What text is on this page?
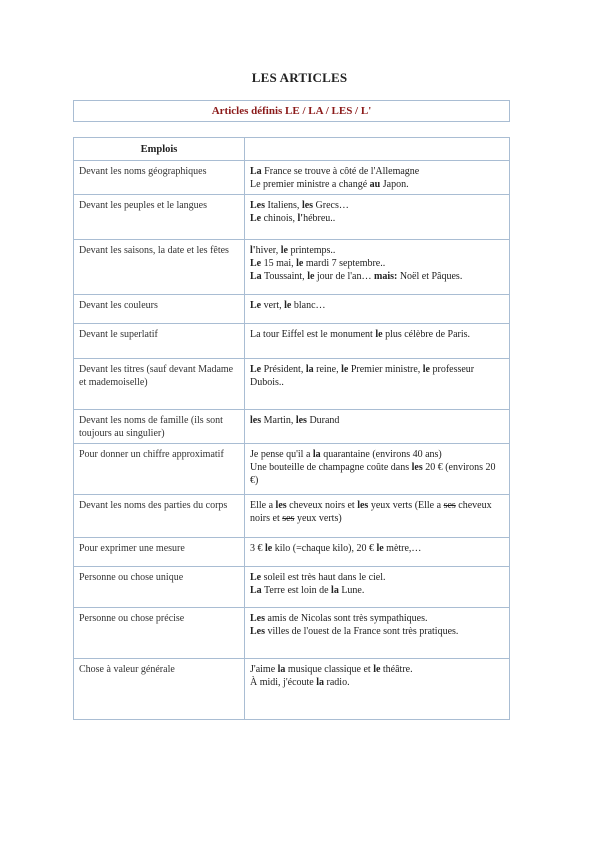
LES ARTICLES
Articles définis LE / LA / LES / L'
Emplois	
Devant les noms géographiques	La France se trouve à côté de l'Allemagne
Le premier ministre a changé au Japon.

Devant les peuples et le langues	Les Italiens, les Grecs…
Le chinois, l'hébreu..

Devant les saisons, la date et les fêtes	l'hiver, le printemps..
Le 15 mai, le mardi 7 septembre..
La Toussaint, le jour de l'an… mais: Noël et Pâques.

Devant les couleurs	Le vert, le blanc…

Devant le superlatif	La tour Eiffel est le monument le plus célèbre de Paris.

Devant les titres (sauf devant Madame et mademoiselle)	Le Président, la reine, le Premier ministre, le professeur Dubois..

Devant les noms de famille (ils sont toujours au singulier)	les Martin, les Durand

Pour donner un chiffre approximatif	Je pense qu'il a la quarantaine (environs 40 ans)
Une bouteille de champagne coûte dans les 20 € (environs 20 €)

Devant les noms des parties du corps	Elle a les cheveux noirs et les yeux verts (Elle a ses cheveux noirs et ses yeux verts)

Pour exprimer une mesure	3 € le kilo (=chaque kilo), 20 € le mètre,…

Personne ou chose unique	Le soleil est très haut dans le ciel.
La Terre est loin de la Lune.

Personne ou chose précise	Les amis de Nicolas sont très sympathiques.
Les villes de l'ouest de la France sont très pratiques.

Chose à valeur générale	J'aime la musique classique et le théâtre.
À midi, j'écoute la radio.
